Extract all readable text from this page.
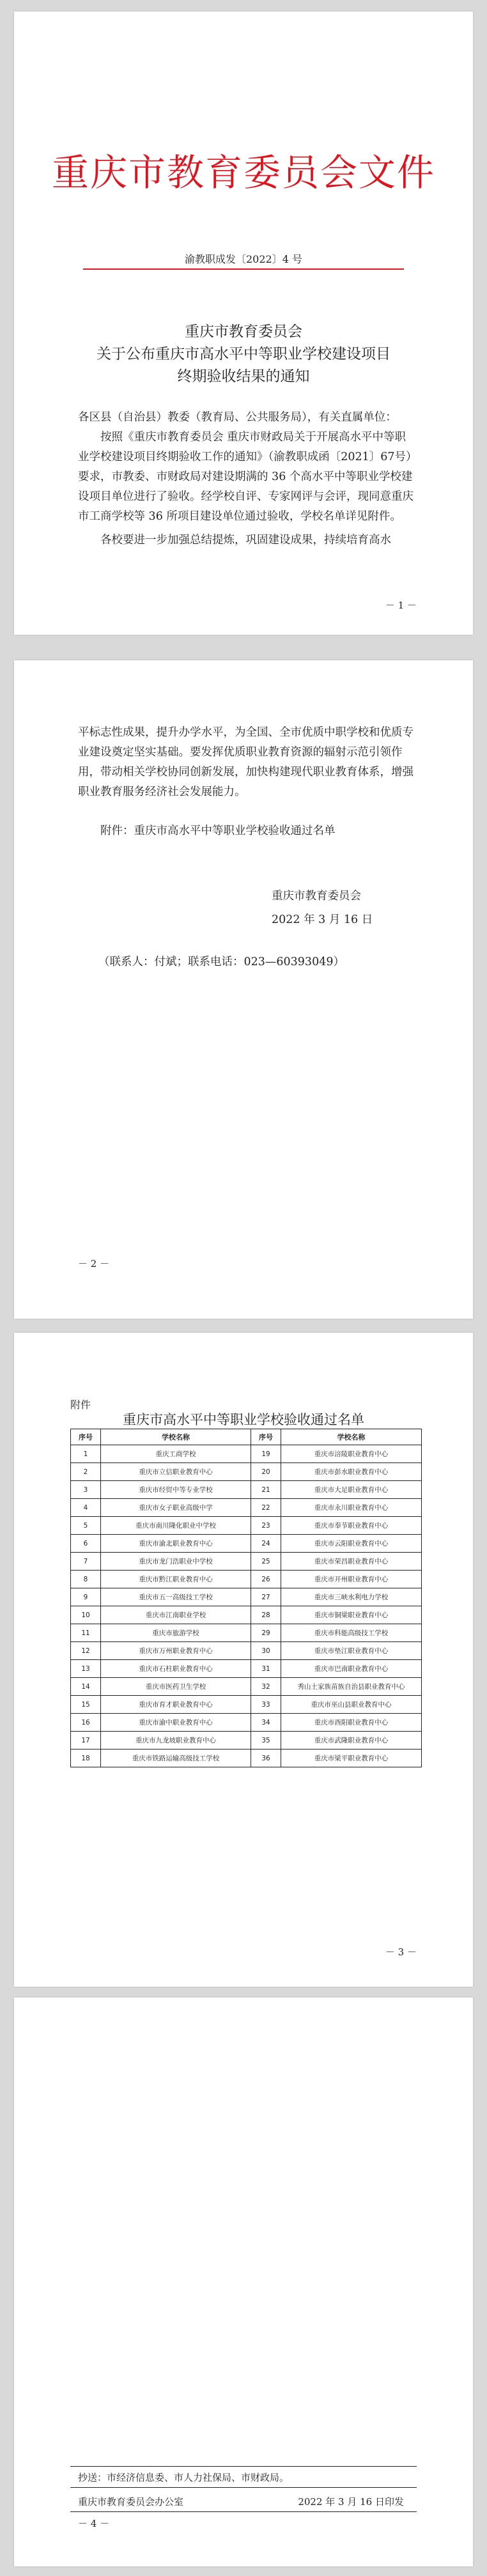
重庆市教育委员会文件
渝教职成发〔2022〕4 号
重庆市教育委员会
关于公布重庆市高水平中等职业学校建设项目
终期验收结果的通知
各区县（自治县）教委（教育局、公共服务局），有关直属单位：
按照《重庆市教育委员会 重庆市财政局关于开展高水平中等职业学校建设项目终期验收工作的通知》（渝教职成函〔2021〕67号）要求，市教委、市财政局对建设期满的 36 个高水平中等职业学校建设项目单位进行了验收。经学校自评、专家网评与会评，现同意重庆市工商学校等 36 所项目建设单位通过验收，学校名单详见附件。
各校要进一步加强总结提炼，巩固建设成果，持续培育高水
－ 1 －
平标志性成果，提升办学水平，为全国、全市优质中职学校和优质专业建设奠定坚实基础。要发挥优质职业教育资源的辐射示范引领作用，带动相关学校协同创新发展，加快构建现代职业教育体系，增强职业教育服务经济社会发展能力。
附件：重庆市高水平中等职业学校验收通过名单
重庆市教育委员会
2022 年 3 月 16 日
（联系人：付斌；联系电话：023—60393049）
－ 2 －
附件
重庆市高水平中等职业学校验收通过名单
序号	学校名称	序号	学校名称
1	重庆工商学校	19	重庆市涪陵职业教育中心
2	重庆市立信职业教育中心	20	重庆市彭水职业教育中心
3	重庆市经贸中等专业学校	21	重庆市大足职业教育中心
4	重庆市女子职业高级中学	22	重庆市永川职业教育中心
5	重庆市南川隆化职业中学校	23	重庆市奉节职业教育中心
6	重庆市渝北职业教育中心	24	重庆市云阳职业教育中心
7	重庆市龙门浩职业中学校	25	重庆市荣昌职业教育中心
8	重庆市黔江职业教育中心	26	重庆市开州职业教育中心
9	重庆市五一高级技工学校	27	重庆市三峡水利电力学校
10	重庆市江南职业学校	28	重庆市铜梁职业教育中心
11	重庆市旅游学校	29	重庆市科能高级技工学校
12	重庆市万州职业教育中心	30	重庆市垫江职业教育中心
13	重庆市石柱职业教育中心	31	重庆市巴南职业教育中心
14	重庆市医药卫生学校	32	秀山土家族苗族自治县职业教育中心
15	重庆市育才职业教育中心	33	重庆市巫山县职业教育中心
16	重庆市渝中职业教育中心	34	重庆市酉阳职业教育中心
17	重庆市九龙坡职业教育中心	35	重庆市武隆职业教育中心
18	重庆市铁路运输高级技工学校	36	重庆市梁平职业教育中心
－ 3 －
抄送：市经济信息委、市人力社保局、市财政局。
重庆市教育委员会办公室	2022 年 3 月 16 日印发
－ 4 －
